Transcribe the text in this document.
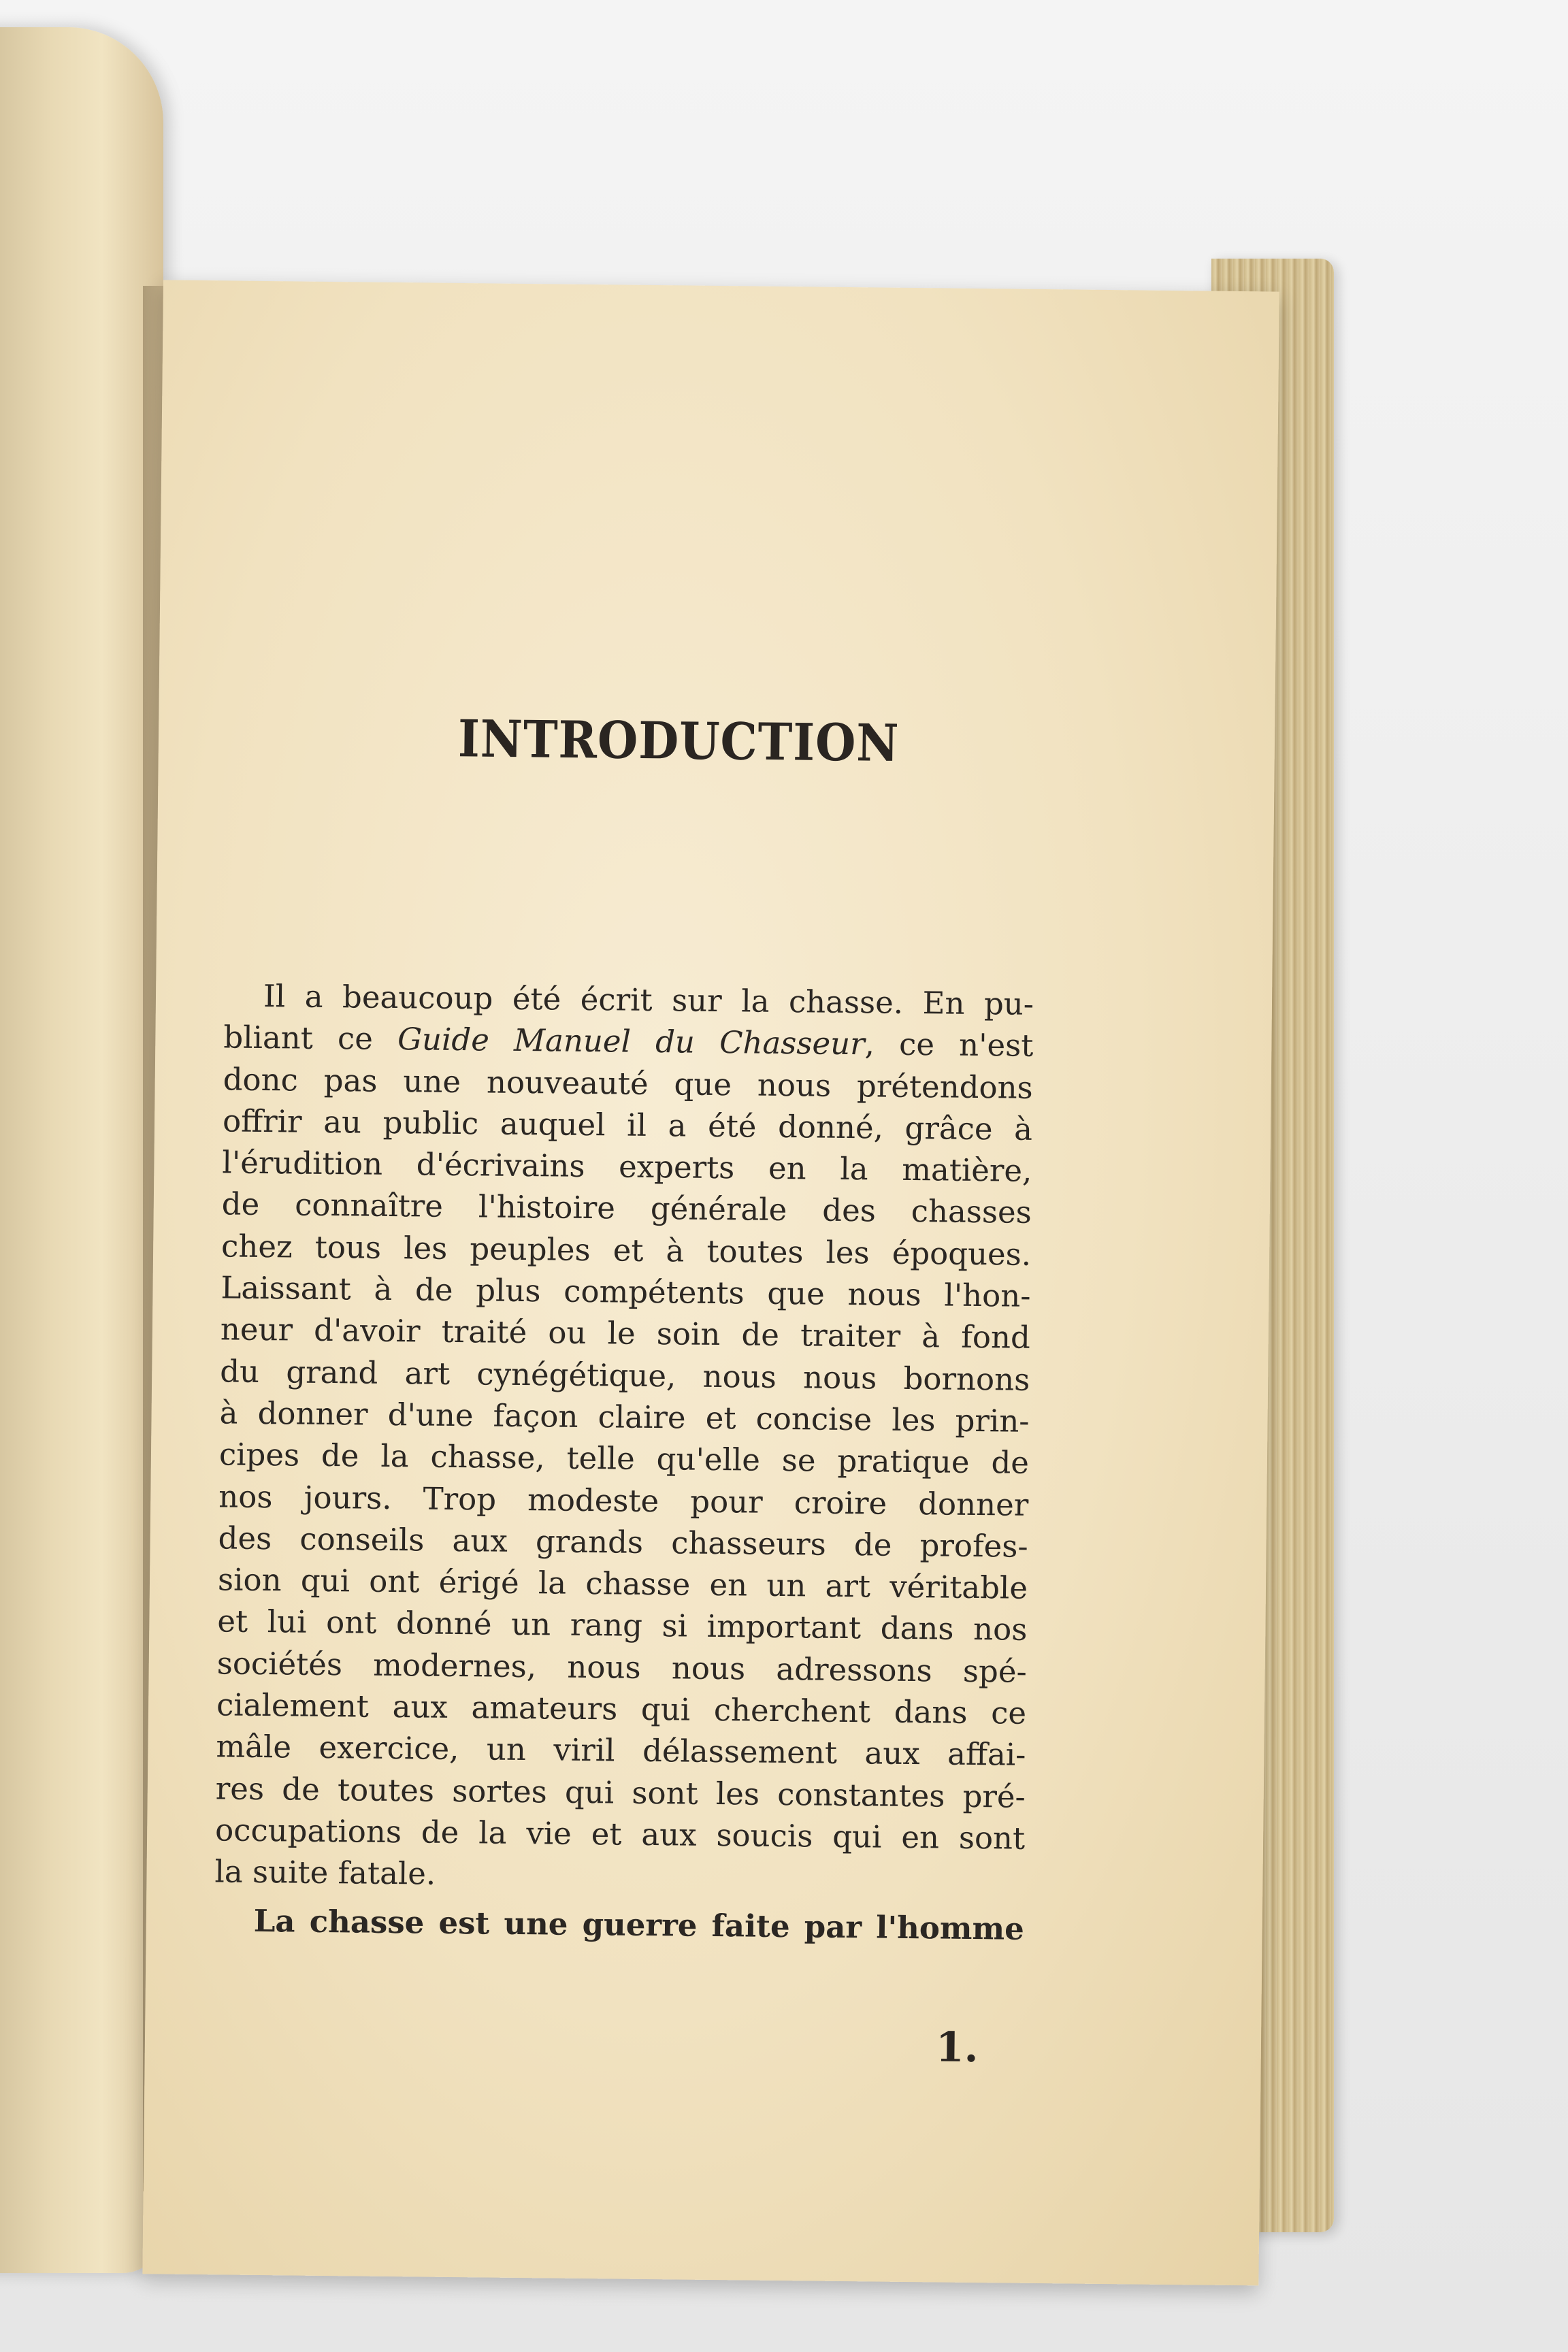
INTRODUCTION
Il a beaucoup été écrit sur la chasse. En pu-
bliant ce Guide Manuel du Chasseur, ce n'est
donc pas une nouveauté que nous prétendons
offrir au public auquel il a été donné, grâce à
l'érudition d'écrivains experts en la matière,
de connaître l'histoire générale des chasses
chez tous les peuples et à toutes les époques.
Laissant à de plus compétents que nous l'hon-
neur d'avoir traité ou le soin de traiter à fond
du grand art cynégétique, nous nous bornons
à donner d'une façon claire et concise les prin-
cipes de la chasse, telle qu'elle se pratique de
nos jours. Trop modeste pour croire donner
des conseils aux grands chasseurs de profes-
sion qui ont érigé la chasse en un art véritable
et lui ont donné un rang si important dans nos
sociétés modernes, nous nous adressons spé-
cialement aux amateurs qui cherchent dans ce
mâle exercice, un viril délassement aux affai-
res de toutes sortes qui sont les constantes pré-
occupations de la vie et aux soucis qui en sont
la suite fatale.
La chasse est une guerre faite par l'homme
1.
